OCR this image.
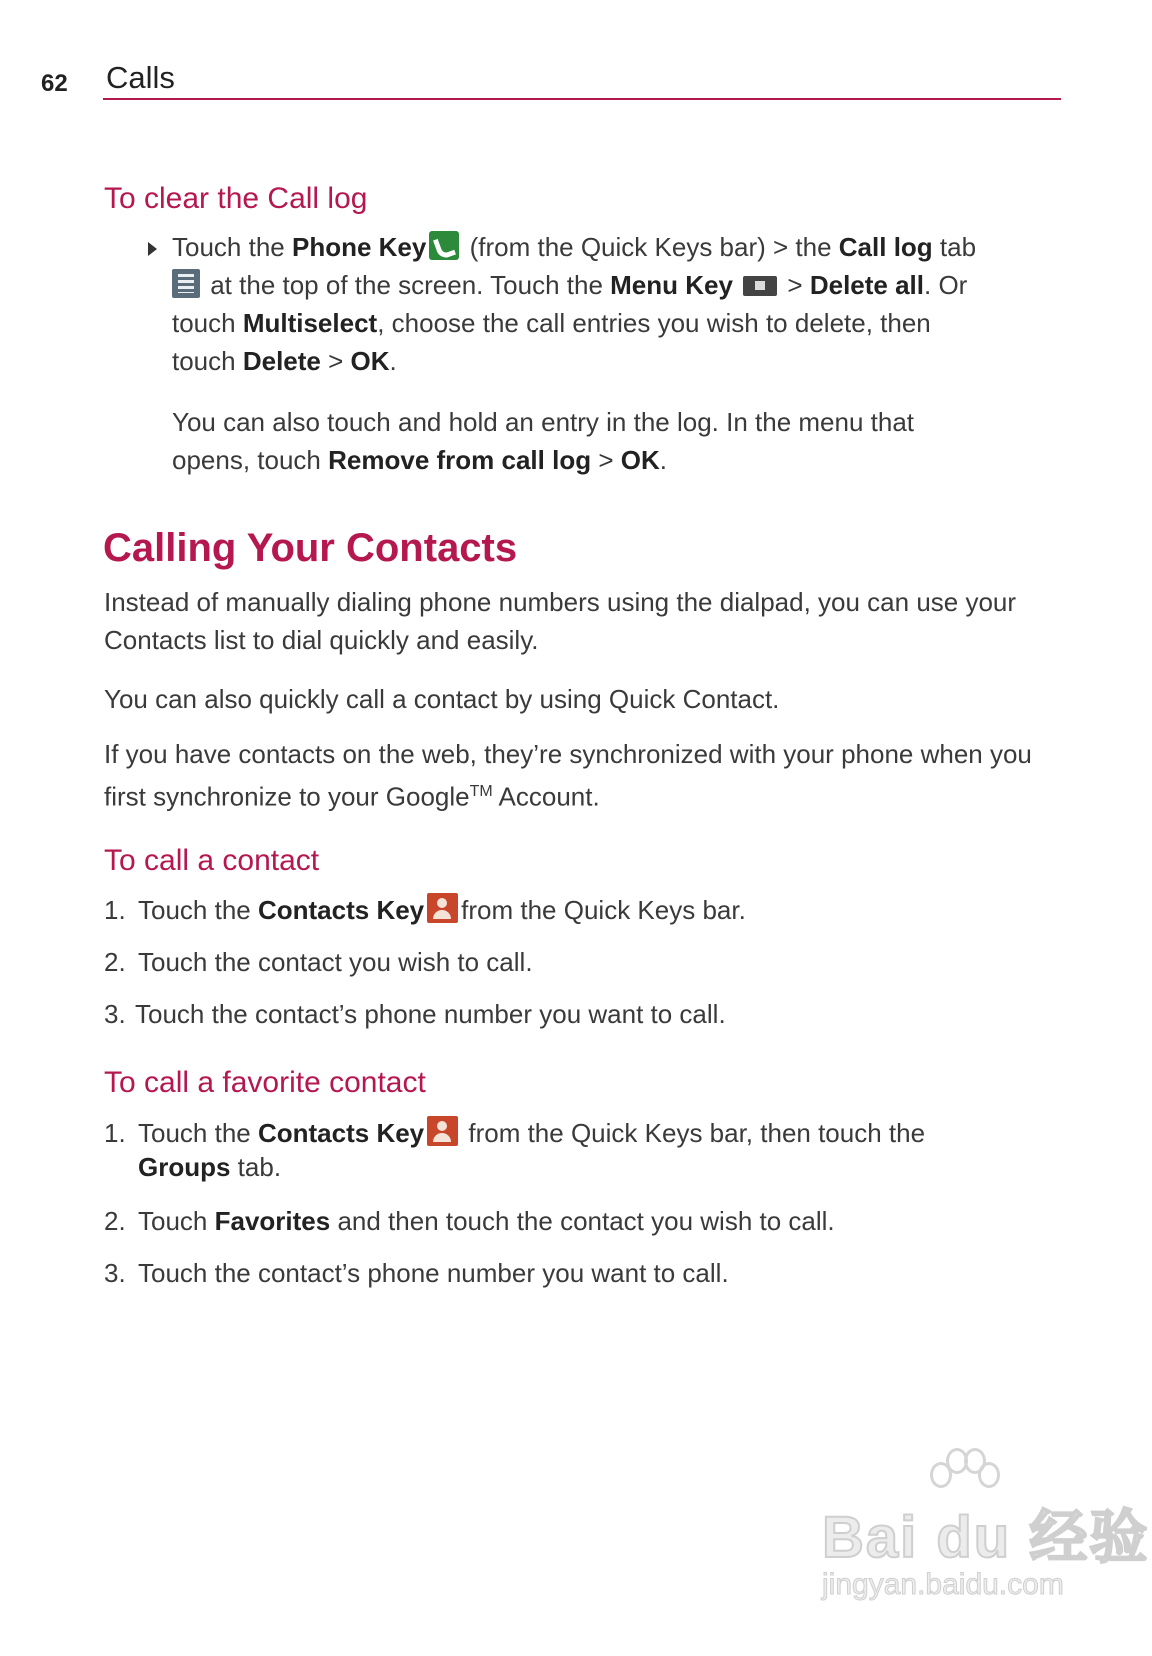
62 Calls
To clear the Call log
Touch the Phone Key (from the Quick Keys bar) > the Call log tab
at the top of the screen. Touch the Menu Key  > Delete all. Or
touch Multiselect, choose the call entries you wish to delete, then
touch Delete > OK.
You can also touch and hold an entry in the log. In the menu that
opens, touch Remove from call log > OK.
Calling Your Contacts
Instead of manually dialing phone numbers using the dialpad, you can use your Contacts list to dial quickly and easily.
You can also quickly call a contact by using Quick Contact.
If you have contacts on the web, they’re synchronized with your phone when you first synchronize to your Google™ Account.
To call a contact
1. Touch the Contacts Key from the Quick Keys bar.
2. Touch the contact you wish to call.
3. Touch the contact’s phone number you want to call.
To call a favorite contact
1. Touch the Contacts Key from the Quick Keys bar, then touch the
Groups tab.
2. Touch Favorites and then touch the contact you wish to call.
3. Touch the contact’s phone number you want to call.
Bai du 经验
jingyan.baidu.com
